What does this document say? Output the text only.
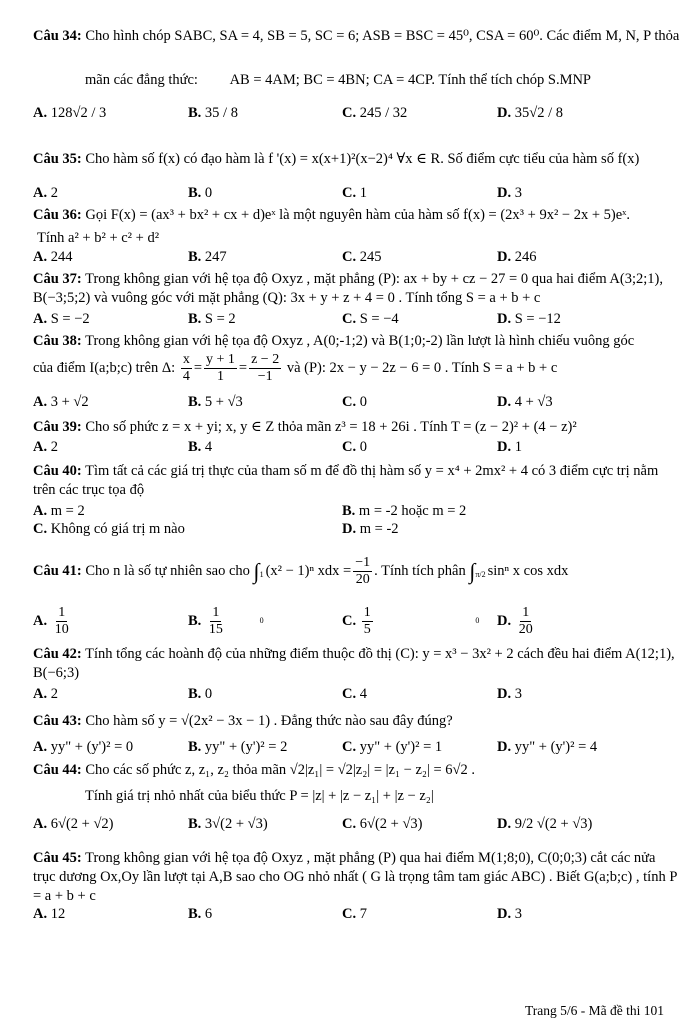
Câu 34: Cho hình chóp SABC, SA = 4, SB = 5, SC = 6; ASB = BSC = 45⁰, CSA = 60⁰. Các điểm M, N, P thỏa
mãn các đẳng thức: AB = 4AM; BC = 4BN; CA = 4CP. Tính thể tích chóp S.MNP
A. 128√2 / 3	B. 35 / 8	C. 245 / 32	D. 35√2 / 8
Câu 35: Cho hàm số f(x) có đạo hàm là f '(x) = x(x+1)²(x−2)⁴ ∀x ∈ R. Số điểm cực tiểu của hàm số f(x)
A. 2	B. 0	C. 1	D. 3
Câu 36: Gọi F(x) = (ax³ + bx² + cx + d)eˣ là một nguyên hàm của hàm số f(x) = (2x³ + 9x² − 2x + 5)eˣ.
Tính a² + b² + c² + d²
A. 244	B. 247	C. 245	D. 246
Câu 37: Trong không gian với hệ tọa độ Oxyz , mặt phẳng (P): ax + by + cz − 27 = 0 qua hai điểm A(3;2;1), B(−3;5;2) và vuông góc với mặt phẳng (Q): 3x + y + z + 4 = 0 . Tính tổng S = a + b + c
A. S = −2	B. S = 2	C. S = −4	D. S = −12
Câu 38: Trong không gian với hệ tọa độ Oxyz , A(0;-1;2) và B(1;0;-2) lần lượt là hình chiếu vuông góc
của điểm I(a;b;c) trên Δ: $\frac{x}{4} = \frac{y + 1}{1} = \frac{z - 2}{-1}$ và (P): 2x − y − 2z − 6 = 0 . Tính S = a + b + c
A. 3 + √2	B. 5 + √3	C. 0	D. 4 + √3
Câu 39: Cho số phức z = x + yi; x, y ∈ Z thỏa mãn z³ = 18 + 26i . Tính T = (z − 2)² + (4 − z)²
A. 2	B. 4	C. 0	D. 1
Câu 40: Tìm tất cả các giá trị thực của tham số m để đồ thị hàm số y = x⁴ + 2mx² + 4 có 3 điểm cực trị nằm trên các trục tọa độ
A. m = 2	B. m = -2 hoặc m = 2
C. Không có giá trị m nào	D. m = -2
Câu 41: Cho n là số tự nhiên sao cho ∫ 1
0
(x² − 1)ⁿ xdx = $\frac{-1}{20}$ . Tính tích phân ∫ π/2
0
sinⁿ x cos xdx
A. $\frac{1}{10}$	B. $\frac{1}{15}$	C. $\frac{1}{5}$	D. $\frac{1}{20}$
Câu 42: Tính tổng các hoành độ của những điểm thuộc đồ thị (C): y = x³ − 3x² + 2 cách đều hai điểm A(12;1), B(−6;3)
A. 2	B. 0	C. 4	D. 3
Câu 43: Cho hàm số y = √(2x² − 3x − 1) . Đẳng thức nào sau đây đúng?
A. yy" + (y')² = 0	B. yy" + (y')² = 2	C. yy" + (y')² = 1	D. yy" + (y')² = 4
Câu 44: Cho các số phức z, z₁, z₂ thỏa mãn √2|z₁| = √2|z₂| = |z₁ − z₂| = 6√2 .
Tính giá trị nhỏ nhất của biểu thức P = |z| + |z − z₁| + |z − z₂|
A. 6√(2 + √2)	B. 3√(2 + √3)	C. 6√(2 + √3)	D. 9/2 √(2 + √3)
Câu 45: Trong không gian với hệ tọa độ Oxyz , mặt phẳng (P) qua hai điểm M(1;8;0), C(0;0;3) cắt các nửa trục dương Ox,Oy lần lượt tại A,B sao cho OG nhỏ nhất ( G là trọng tâm tam giác ABC) . Biết G(a;b;c) , tính P = a + b + c
A. 12	B. 6	C. 7	D. 3
Trang 5/6 - Mã đề thi 101
